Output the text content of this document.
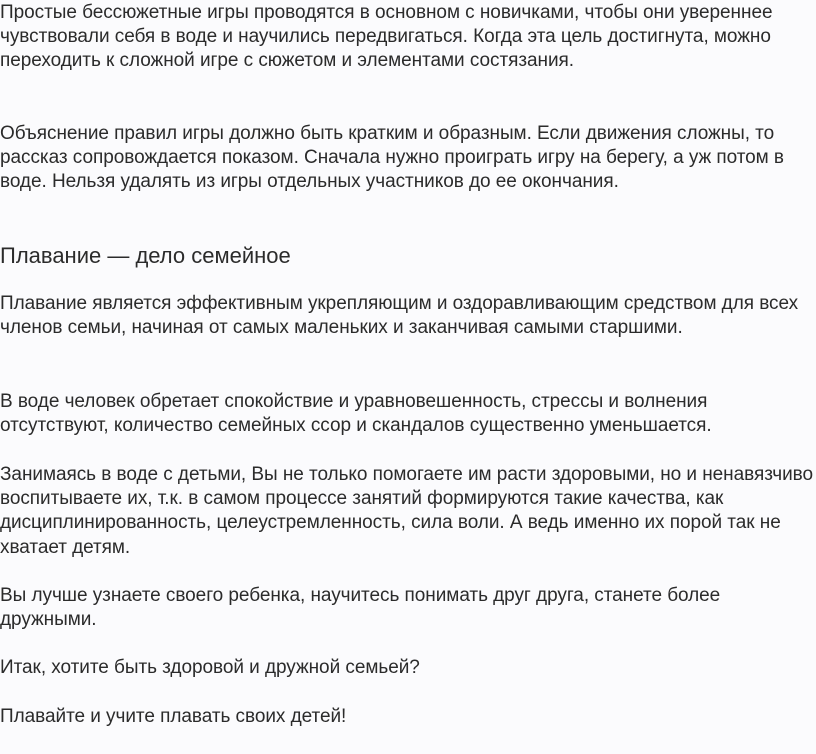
Простые бессюжетные игры проводятся в основном с новичками, чтобы они увереннее чувствовали себя в воде и научились передвигаться. Когда эта цель достигнута, можно переходить к сложной игре с сюжетом и элементами состязания.

Объяснение правил игры должно быть кратким и образным. Если движения сложны, то рассказ сопровождается показом. Сначала нужно проиграть игру на берегу, а уж потом в воде. Нельзя удалять из игры отдельных участников до ее окончания.

Плавание — дело семейное

Плавание является эффективным укрепляющим и оздоравливающим средством для всех членов семьи, начиная от самых маленьких и заканчивая самыми старшими.

В воде человек обретает спокойствие и уравновешенность, стрессы и волнения отсутствуют, количество семейных ссор и скандалов существенно уменьшается.

Занимаясь в воде с детьми, Вы не только помогаете им расти здоровыми, но и ненавязчиво воспитываете их, т.к. в самом процессе занятий формируются такие качества, как дисциплинированность, целеустремленность, сила воли. А ведь именно их порой так не хватает детям.

Вы лучше узнаете своего ребенка, научитесь понимать друг друга, станете более дружными.

Итак, хотите быть здоровой и дружной семьей?

Плавайте и учите плавать своих детей!
